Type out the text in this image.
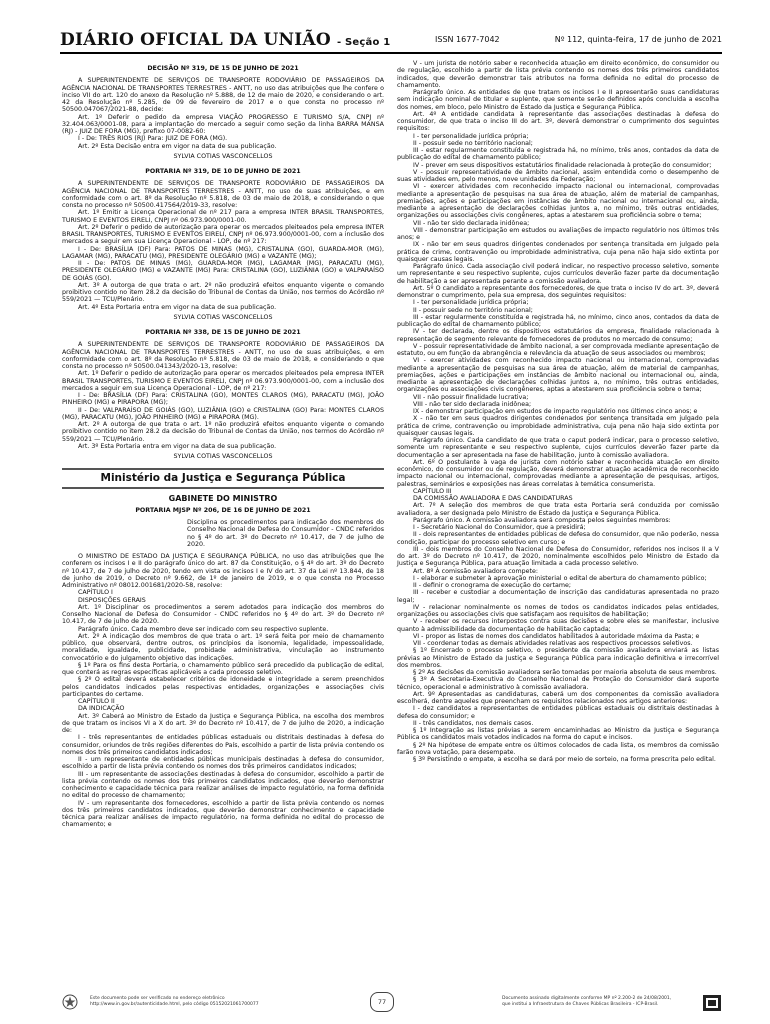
DIÁRIO OFICIAL DA UNIÃO - Seção 1	ISSN 1677-7042	Nº 112, quinta-feira, 17 de junho de 2021

DECISÃO Nº 319, DE 15 DE JUNHO DE 2021

A SUPERINTENDENTE DE SERVIÇOS DE TRANSPORTE RODOVIÁRIO DE PASSAGEIROS DA AGÊNCIA NACIONAL DE TRANSPORTES TERRESTRES - ANTT, no uso das atribuições que lhe confere o inciso VII do art. 120 do anexo da Resolução nº 5.888, de 12 de maio de 2020, e considerando o art. 42 da Resolução nº 5.285, de 09 de fevereiro de 2017 e o que consta no processo nº 50500.047067/2021-88, decide:

Art. 1º Deferir o pedido da empresa VIAÇÃO PROGRESSO E TURISMO S/A, CNPJ nº 32.404.063/0001-08, para a implantação do mercado a seguir como seção da linha BARRA MANSA (RJ) - JUIZ DE FORA (MG), prefixo 07-0082-60:

I - De: TRÊS RIOS (RJ) Para: JUIZ DE FORA (MG).

Art. 2º Esta Decisão entra em vigor na data de sua publicação.

SYLVIA COTIAS VASCONCELLOS

PORTARIA Nº 319, DE 10 DE JUNHO DE 2021

A SUPERINTENDENTE DE SERVIÇOS DE TRANSPORTE RODOVIÁRIO DE PASSAGEIROS DA AGÊNCIA NACIONAL DE TRANSPORTES TERRESTRES - ANTT, no uso de suas atribuições, e em conformidade com o art. 8º da Resolução nº 5.818, de 03 de maio de 2018, e considerando o que consta no processo nº 50500.417564/2019-33, resolve:

Art. 1º Emitir a Licença Operacional de nº 217 para a empresa INTER BRASIL TRANSPORTES, TURISMO E EVENTOS EIRELI, CNPJ nº 06.973.900/0001-00.

Art. 2º Deferir o pedido de autorização para operar os mercados pleiteados pela empresa INTER BRASIL TRANSPORTES, TURISMO E EVENTOS EIRELI, CNPJ nº 06.973.900/0001-00, com a inclusão dos mercados a seguir em sua Licença Operacional - LOP, de nº 217:

I - De: BRASÍLIA (DF) Para: PATOS DE MINAS (MG), CRISTALINA (GO), GUARDA-MOR (MG), LAGAMAR (MG), PARACATU (MG), PRESIDENTE OLEGÁRIO (MG) e VAZANTE (MG);

II - De: PATOS DE MINAS (MG), GUARDA-MOR (MG), LAGAMAR (MG), PARACATU (MG), PRESIDENTE OLEGÁRIO (MG) e VAZANTE (MG) Para: CRISTALINA (GO), LUZIÂNIA (GO) e VALPARAÍSO DE GOIÁS (GO).

Art. 3º A outorga de que trata o art. 2º não produzirá efeitos enquanto vigente o comando proibitivo contido no item 28.2 da decisão do Tribunal de Contas da União, nos termos do Acórdão nº 559/2021 — TCU/Plenário.

Art. 4º Esta Portaria entra em vigor na data de sua publicação.

SYLVIA COTIAS VASCONCELLOS

PORTARIA Nº 338, DE 15 DE JUNHO DE 2021

A SUPERINTENDENTE DE SERVIÇOS DE TRANSPORTE RODOVIÁRIO DE PASSAGEIROS DA AGÊNCIA NACIONAL DE TRANSPORTES TERRESTRES - ANTT, no uso de suas atribuições, e em conformidade com o art. 8º da Resolução nº 5.818, de 03 de maio de 2018, e considerando o que consta no processo nº 50500.041343/2020-13, resolve:

Art. 1º Deferir o pedido de autorização para operar os mercados pleiteados pela empresa INTER BRASIL TRANSPORTES, TURISMO E EVENTOS EIRELI, CNPJ nº 06.973.900/0001-00, com a inclusão dos mercados a seguir em sua Licença Operacional - LOP, de nº 217:

I - De: BRASÍLIA (DF) Para: CRISTALINA (GO), MONTES CLAROS (MG), PARACATU (MG), JOÃO PINHEIRO (MG) e PIRAPORA (MG);

II - De: VALPARAÍSO DE GOIÁS (GO), LUZIÂNIA (GO) e CRISTALINA (GO) Para: MONTES CLAROS (MG), PARACATU (MG), JOÃO PINHEIRO (MG) e PIRAPORA (MG).

Art. 2º A outorga de que trata o art. 1º não produzirá efeitos enquanto vigente o comando proibitivo contido no item 28.2 da decisão do Tribunal de Contas da União, nos termos do Acórdão nº 559/2021 — TCU/Plenário.

Art. 3º Esta Portaria entra em vigor na data de sua publicação.

SYLVIA COTIAS VASCONCELLOS

Ministério da Justiça e Segurança Pública
GABINETE DO MINISTRO

PORTARIA MJSP Nº 206, DE 16 DE JUNHO DE 2021

Disciplina os procedimentos para indicação dos membros do Conselho Nacional de Defesa do Consumidor - CNDC referidos no § 4º do art. 3º do Decreto nº 10.417, de 7 de julho de 2020.

O MINISTRO DE ESTADO DA JUSTIÇA E SEGURANÇA PÚBLICA, no uso das atribuições que lhe conferem os incisos I e II do parágrafo único do art. 87 da Constituição, o § 4º do art. 3º do Decreto nº 10.417, de 7 de julho de 2020, tendo em vista os incisos I e IV do art. 37 da Lei nº 13.844, de 18 de junho de 2019, o Decreto nº 9.662, de 1º de janeiro de 2019, e o que consta no Processo Administrativo nº 08012.001681/2020-58, resolve:

CAPÍTULO I

DISPOSIÇÕES GERAIS

Art. 1º Disciplinar os procedimentos a serem adotados para indicação dos membros do Conselho Nacional de Defesa do Consumidor - CNDC referidos no § 4º do art. 3º do Decreto nº 10.417, de 7 de julho de 2020.

Parágrafo único. Cada membro deve ser indicado com seu respectivo suplente.

Art. 2º A indicação dos membros de que trata o art. 1º será feita por meio de chamamento público, que observará, dentre outros, os princípios da isonomia, legalidade, impessoalidade, moralidade, igualdade, publicidade, probidade administrativa, vinculação ao instrumento convocatório e do julgamento objetivo das indicações.

§ 1º Para os fins desta Portaria, o chamamento público será precedido da publicação de edital, que conterá as regras específicas aplicáveis a cada processo seletivo.

§ 2º O edital deverá estabelecer critérios de idoneidade e integridade a serem preenchidos pelos candidatos indicados pelas respectivas entidades, organizações e associações civis participantes do certame.

CAPÍTULO II

DA INDICAÇÃO

Art. 3º Caberá ao Ministro de Estado da Justiça e Segurança Pública, na escolha dos membros de que tratam os incisos VI a X do art. 3º do Decreto nº 10.417, de 7 de julho de 2020, a indicação de:

I - três representantes de entidades públicas estaduais ou distritais destinadas à defesa do consumidor, oriundos de três regiões diferentes do País, escolhido a partir de lista prévia contendo os nomes dos três primeiros candidatos indicados;

II - um representante de entidades públicas municipais destinadas à defesa do consumidor, escolhido a partir de lista prévia contendo os nomes dos três primeiros candidatos indicados;

III - um representante de associações destinadas à defesa do consumidor, escolhido a partir de lista prévia contendo os nomes dos três primeiros candidatos indicados, que deverão demonstrar conhecimento e capacidade técnica para realizar análises de impacto regulatório, na forma definida no edital do processo de chamamento;

IV - um representante dos fornecedores, escolhido a partir de lista prévia contendo os nomes dos três primeiros candidatos indicados, que deverão demonstrar conhecimento e capacidade técnica para realizar análises de impacto regulatório, na forma definida no edital do processo de chamamento; e

V - um jurista de notório saber e reconhecida atuação em direito econômico, do consumidor ou de regulação, escolhido a partir de lista prévia contendo os nomes dos três primeiros candidatos indicados, que deverão demonstrar tais atributos na forma definida no edital do processo de chamamento.

Parágrafo único. As entidades de que tratam os incisos I e II apresentarão suas candidaturas sem indicação nominal de titular e suplente, que somente serão definidos após concluída a escolha dos nomes, em bloco, pelo Ministro de Estado da Justiça e Segurança Pública.

Art. 4º A entidade candidata à representante das associações destinadas à defesa do consumidor, de que trata o inciso III do art. 3º, deverá demonstrar o cumprimento dos seguintes requisitos:

I - ter personalidade jurídica própria;

II - possuir sede no território nacional;

III - estar regularmente constituída e registrada há, no mínimo, três anos, contados da data de publicação do edital de chamamento público;

IV - prever em seus dispositivos estatutários finalidade relacionada à proteção do consumidor;

V - possuir representatividade de âmbito nacional, assim entendida como o desempenho de suas atividades em, pelo menos, nove unidades da Federação;

VI - exercer atividades com reconhecido impacto nacional ou internacional, comprovadas mediante a apresentação de pesquisas na sua área de atuação, além de material de campanhas, premiações, ações e participações em instâncias de âmbito nacional ou internacional ou, ainda, mediante a apresentação de declarações colhidas juntos a, no mínimo, três outras entidades, organizações ou associações civis congêneres, aptas a atestarem sua proficiência sobre o tema;

VII - não ter sido declarada inidônea;

VIII - demonstrar participação em estudos ou avaliações de impacto regulatório nos últimos três anos; e

IX - não ter em seus quadros dirigentes condenados por sentença transitada em julgado pela prática de crime, contravenção ou improbidade administrativa, cuja pena não haja sido extinta por quaisquer causas legais.

Parágrafo único. Cada associação civil poderá indicar, no respectivo processo seletivo, somente um representante e seu respectivo suplente, cujos currículos deverão fazer parte da documentação de habilitação a ser apresentada perante a comissão avaliadora.

Art. 5º O candidato a representante dos fornecedores, de que trata o inciso IV do art. 3º, deverá demonstrar o cumprimento, pela sua empresa, dos seguintes requisitos:

I - ter personalidade jurídica própria;

II - possuir sede no território nacional;

III - estar regularmente constituída e registrada há, no mínimo, cinco anos, contados da data de publicação do edital de chamamento público;

IV - ter declarada, dentre os dispositivos estatutários da empresa, finalidade relacionada à representação de segmento relevante de fornecedores de produtos no mercado de consumo;

V - possuir representatividade de âmbito nacional, a ser comprovada mediante apresentação de estatuto, ou em função da abrangência e relevância da atuação de seus associados ou membros;

VI - exercer atividades com reconhecido impacto nacional ou internacional, comprovadas mediante a apresentação de pesquisas na sua área de atuação, além de material de campanhas, premiações, ações e participações em instâncias de âmbito nacional ou internacional ou, ainda, mediante a apresentação de declarações colhidas juntos a, no mínimo, três outras entidades, organizações ou associações civis congêneres, aptas a atestarem sua proficiência sobre o tema;

VII - não possuir finalidade lucrativa;

VIII - não ter sido declarada inidônea;

IX - demonstrar participação em estudos de impacto regulatório nos últimos cinco anos; e

X - não ter em seus quadros dirigentes condenados por sentença transitada em julgado pela prática de crime, contravenção ou improbidade administrativa, cuja pena não haja sido extinta por quaisquer causas legais.

Parágrafo único. Cada candidato de que trata o caput poderá indicar, para o processo seletivo, somente um representante e seu respectivo suplente, cujos currículos deverão fazer parte da documentação a ser apresentada na fase de habilitação, junto à comissão avaliadora.

Art. 6º O postulante à vaga de jurista com notório saber e reconhecida atuação em direito econômico, do consumidor ou de regulação, deverá demonstrar atuação acadêmica de reconhecido impacto nacional ou internacional, comprovadas mediante a apresentação de pesquisas, artigos, palestras, seminários e exposições nas áreas correlatas à temática consumerista.

CAPÍTULO III

DA COMISSÃO AVALIADORA E DAS CANDIDATURAS

Art. 7º A seleção dos membros de que trata esta Portaria será conduzida por comissão avaliadora, a ser designada pelo Ministro de Estado da Justiça e Segurança Pública.

Parágrafo único. A comissão avaliadora será composta pelos seguintes membros:

I - Secretário Nacional do Consumidor, que a presidirá;

II - dois representantes de entidades públicas de defesa do consumidor, que não poderão, nessa condição, participar do processo seletivo em curso; e

III - dois membros do Conselho Nacional de Defesa do Consumidor, referidos nos incisos II a V do art. 3º do Decreto nº 10.417, de 2020, nominalmente escolhidos pelo Ministro de Estado da Justiça e Segurança Pública, para atuação limitada a cada processo seletivo.

Art. 8º À comissão avaliadora compete:

I - elaborar e submeter à aprovação ministerial o edital de abertura do chamamento público;

II - definir o cronograma de execução do certame;

III - receber e custodiar a documentação de inscrição das candidaturas apresentada no prazo legal;

IV - relacionar nominalmente os nomes de todos os candidatos indicados pelas entidades, organizações ou associações civis que satisfaçam aos requisitos de habilitação;

V - receber os recursos interpostos contra suas decisões e sobre eles se manifestar, inclusive quanto à admissibilidade da documentação de habilitação captada;

VI - propor as listas de nomes dos candidatos habilitados à autoridade máxima da Pasta; e

VII - coordenar todas as demais atividades relativas aos respectivos processos seletivos.

§ 1º Encerrado o processo seletivo, o presidente da comissão avaliadora enviará as listas prévias ao Ministro de Estado da Justiça e Segurança Pública para indicação definitiva e irrecorrível dos membros.

§ 2º As decisões da comissão avaliadora serão tomadas por maioria absoluta de seus membros.

§ 3º A Secretaria-Executiva do Conselho Nacional de Proteção do Consumidor dará suporte técnico, operacional e administrativo à comissão avaliadora.

Art. 9º Apresentadas as candidaturas, caberá um dos componentes da comissão avaliadora escolherá, dentre aqueles que preencham os requisitos relacionados nos artigos anteriores:

I - dez candidatos a representantes de entidades públicas estaduais ou distritais destinadas à defesa do consumidor; e

II - três candidatos, nos demais casos.

§ 1º Integração as listas prévias a serem encaminhadas ao Ministro da Justiça e Segurança Pública os candidatos mais votados indicados na forma do caput e incisos.

§ 2º Na hipótese de empate entre os últimos colocados de cada lista, os membros da comissão farão nova votação, para desempate.

§ 3º Persistindo o empate, a escolha se dará por meio de sorteio, na forma prescrita pelo edital.

Este documento pode ser verificado no endereço eletrônico
http://www.in.gov.br/autenticidade.html, pelo código 05152021061700077	77	Documento assinado digitalmente conforme MP nº 2.200-2 de 24/08/2001,
que institui a Infraestrutura de Chaves Públicas Brasileira - ICP-Brasil.
